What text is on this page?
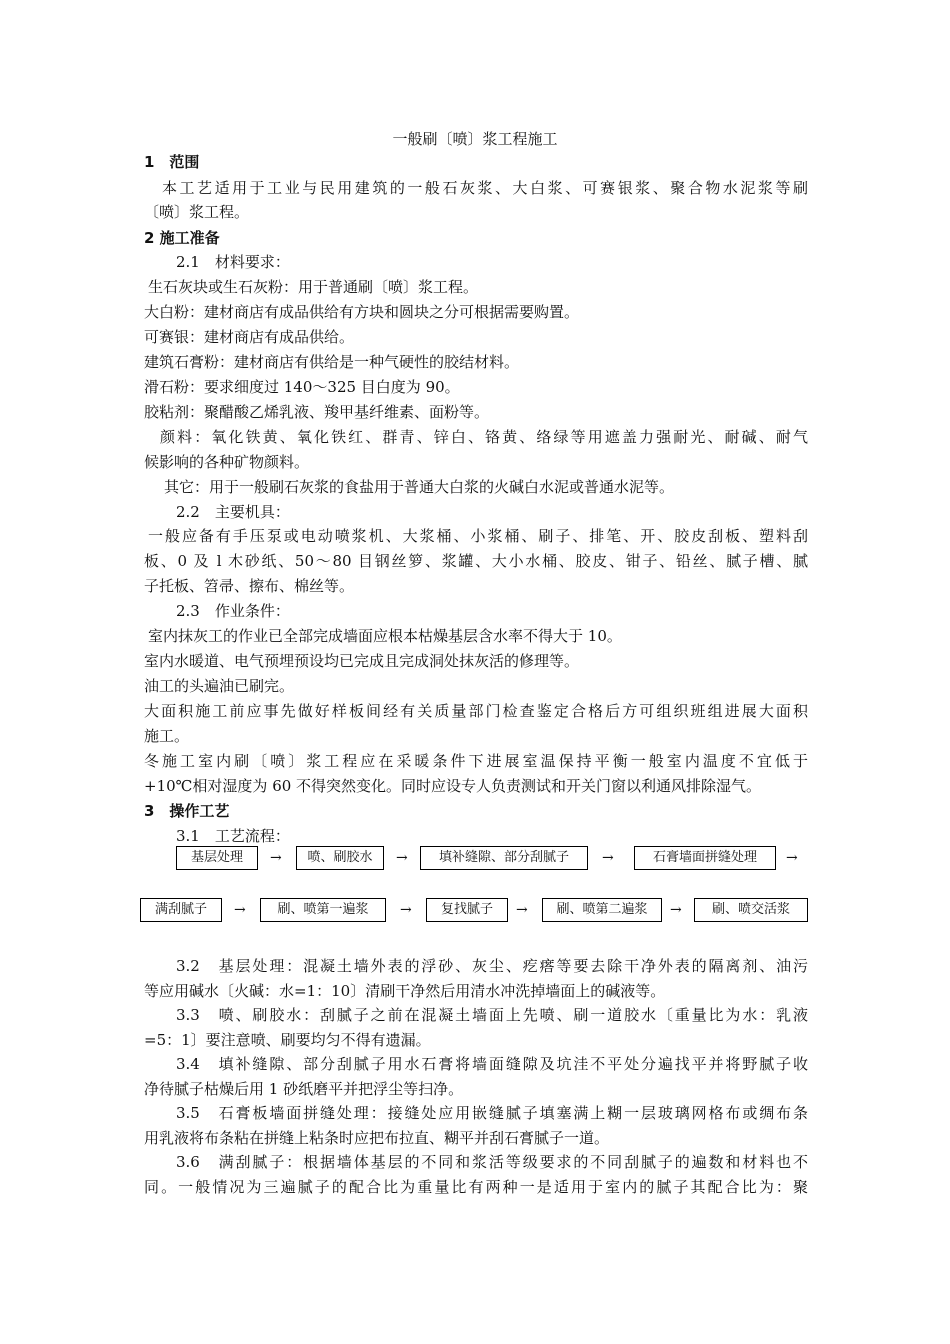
一般刷〔喷〕浆工程施工
1　范围
本工艺适用于工业与民用建筑的一般石灰浆、大白浆、可赛银浆、聚合物水泥浆等刷
〔喷〕浆工程。
2 施工准备
2.1　材料要求：
生石灰块或生石灰粉：用于普通刷〔喷〕浆工程。
大白粉：建材商店有成品供给有方块和圆块之分可根据需要购置。
可赛银：建材商店有成品供给。
建筑石膏粉：建材商店有供给是一种气硬性的胶结材料。
滑石粉：要求细度过 140～325 目白度为 90。
胶粘剂：聚醋酸乙烯乳液、羧甲基纤维素、面粉等。
颜料：氧化铁黄、氧化铁红、群青、锌白、铬黄、络绿等用遮盖力强耐光、耐碱、耐气
候影响的各种矿物颜料。
其它：用于一般刷石灰浆的食盐用于普通大白浆的火碱白水泥或普通水泥等。
2.2　主要机具：
一般应备有手压泵或电动喷浆机、大浆桶、小浆桶、刷子、排笔、开、胶皮刮板、塑料刮
板、0 及 l 木砂纸、50～80 目钢丝箩、浆罐、大小水桶、胶皮、钳子、铅丝、腻子槽、腻
子托板、笤帚、擦布、棉丝等。
2.3　作业条件：
室内抹灰工的作业已全部完成墙面应根本枯燥基层含水率不得大于 10。
室内水暖道、电气预埋预设均已完成且完成洞处抹灰活的修理等。
油工的头遍油已刷完。
大面积施工前应事先做好样板间经有关质量部门检查鉴定合格后方可组织班组进展大面积
施工。
冬施工室内刷〔喷〕浆工程应在采暖条件下进展室温保持平衡一般室内温度不宜低于
+10℃相对湿度为 60 不得突然变化。同时应设专人负责测试和开关门窗以利通风排除湿气。
3　操作工艺
3.1　工艺流程：
基层处理	→	喷、刷胶水	→	填补缝隙、部分刮腻子	→	石膏墙面拼缝处理	→
满刮腻子	→	刷、喷第一遍浆	→	复找腻子	→	刷、喷第二遍浆	→	刷、喷交活浆
3.2　基层处理：混凝土墙外表的浮砂、灰尘、疙瘩等要去除干净外表的隔离剂、油污
等应用碱水〔火碱：水=1：10〕清刷干净然后用清水冲洗掉墙面上的碱液等。
3.3　喷、刷胶水：刮腻子之前在混凝土墙面上先喷、刷一道胶水〔重量比为水：乳液
=5：1〕要注意喷、刷要均匀不得有遗漏。
3.4　填补缝隙、部分刮腻子用水石膏将墙面缝隙及坑洼不平处分遍找平并将野腻子收
净待腻子枯燥后用 1 砂纸磨平并把浮尘等扫净。
3.5　石膏板墙面拼缝处理：接缝处应用嵌缝腻子填塞满上糊一层玻璃网格布或绸布条
用乳液将布条粘在拼缝上粘条时应把布拉直、糊平并刮石膏腻子一道。
3.6　满刮腻子：根据墙体基层的不同和浆活等级要求的不同刮腻子的遍数和材料也不
同。一般情况为三遍腻子的配合比为重量比有两种一是适用于室内的腻子其配合比为：聚
